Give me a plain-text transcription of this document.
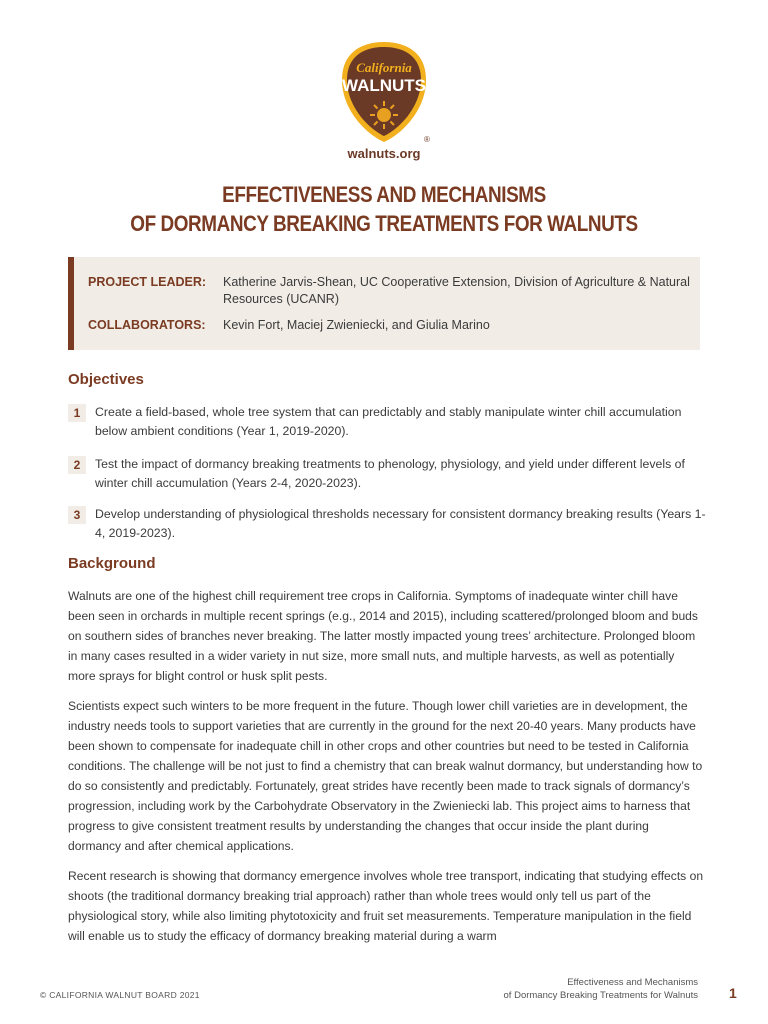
California
WALNUTS
®
walnuts.org
EFFECTIVENESS AND MECHANISMS
OF DORMANCY BREAKING TREATMENTS FOR WALNUTS
PROJECT LEADER: Katherine Jarvis-Shean, UC Cooperative Extension, Division of Agriculture & Natural Resources (UCANR)
COLLABORATORS: Kevin Fort, Maciej Zwieniecki, and Giulia Marino
Objectives
1	Create a field-based, whole tree system that can predictably and stably manipulate winter chill accumulation below ambient conditions (Year 1, 2019-2020).
2	Test the impact of dormancy breaking treatments to phenology, physiology, and yield under different levels of winter chill accumulation (Years 2-4, 2020-2023).
3	Develop understanding of physiological thresholds necessary for consistent dormancy breaking results (Years 1-4, 2019-2023).
Background

Walnuts are one of the highest chill requirement tree crops in California. Symptoms of inadequate winter chill have been seen in orchards in multiple recent springs (e.g., 2014 and 2015), including scattered/prolonged bloom and buds on southern sides of branches never breaking. The latter mostly impacted young trees’ architecture. Prolonged bloom in many cases resulted in a wider variety in nut size, more small nuts, and multiple harvests, as well as potentially more sprays for blight control or husk split pests.

Scientists expect such winters to be more frequent in the future. Though lower chill varieties are in development, the industry needs tools to support varieties that are currently in the ground for the next 20-40 years. Many products have been shown to compensate for inadequate chill in other crops and other countries but need to be tested in California conditions. The challenge will be not just to find a chemistry that can break walnut dormancy, but understanding how to do so consistently and predictably. Fortunately, great strides have recently been made to track signals of dormancy’s progression, including work by the Carbohydrate Observatory in the Zwieniecki lab. This project aims to harness that progress to give consistent treatment results by understanding the changes that occur inside the plant during dormancy and after chemical applications.

Recent research is showing that dormancy emergence involves whole tree transport, indicating that studying effects on shoots (the traditional dormancy breaking trial approach) rather than whole trees would only tell us part of the physiological story, while also limiting phytotoxicity and fruit set measurements. Temperature manipulation in the field will enable us to study the efficacy of dormancy breaking material during a warm

© CALIFORNIA WALNUT BOARD 2021
Effectiveness and Mechanisms
of Dormancy Breaking Treatments for Walnuts 1
